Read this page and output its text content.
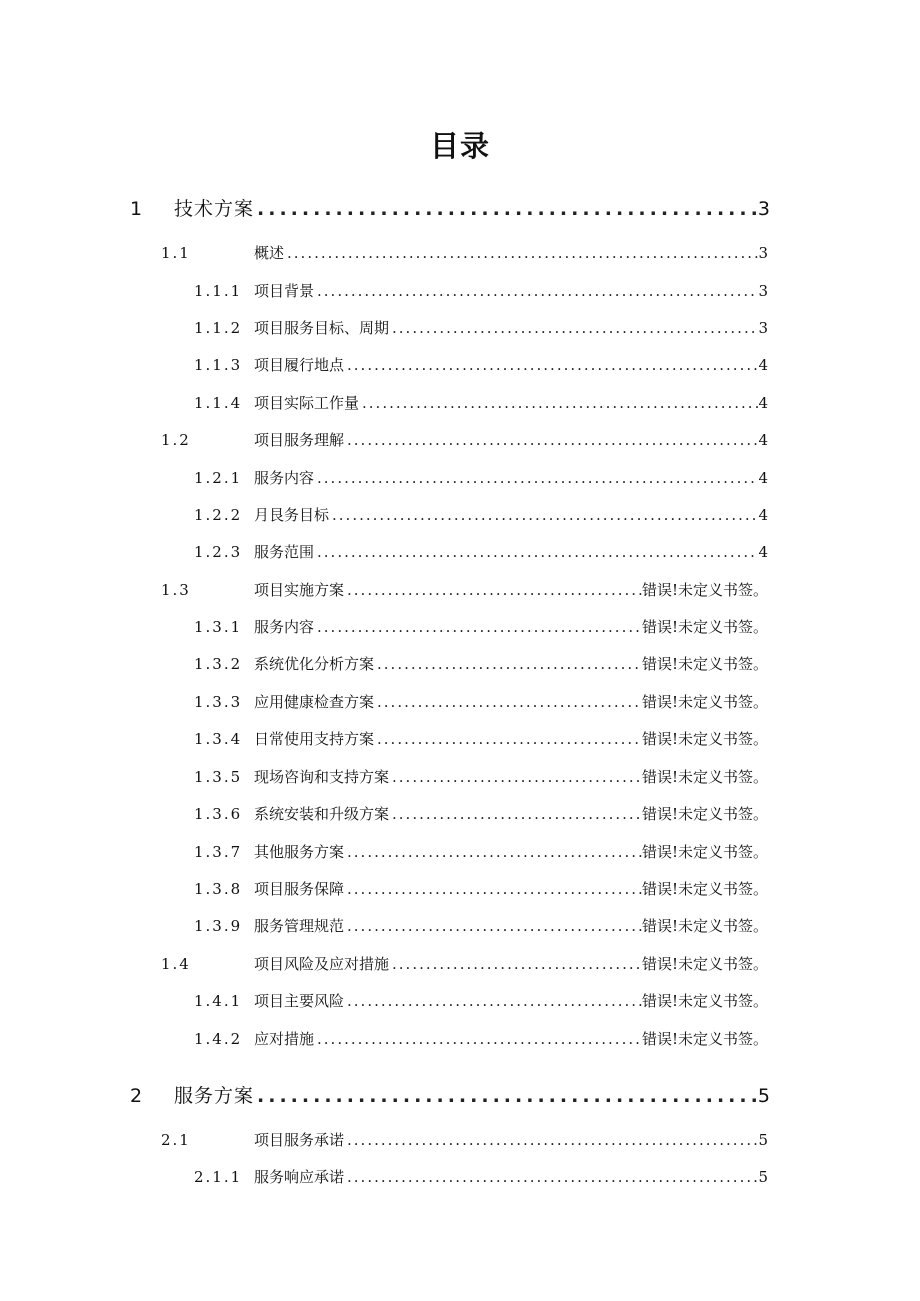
目录
1	技术方案 .....	3
1.1	概述 .....	3
1.1.1 项目背景 .....	3
1.1.2 项目服务目标、周期 .....	3
1.1.3 项目履行地点 .....	4
1.1.4 项目实际工作量 .....	4
1.2	项目服务理解 .....	4
1.2.1 服务内容 .....	4
1.2.2 月艮务目标 .....	4
1.2.3 服务范围 .....	4
1.3	项目实施方案 .....	错误!未定义书签。
1.3.1 服务内容 .....	错误!未定义书签。
1.3.2 系统优化分析方案 .....	错误!未定义书签。
1.3.3 应用健康检查方案 .....	错误!未定义书签。
1.3.4 日常使用支持方案 .....	错误!未定义书签。
1.3.5 现场咨询和支持方案 .....	错误!未定义书签。
1.3.6 系统安装和升级方案 .....	错误!未定义书签。
1.3.7 其他服务方案 .....	错误!未定义书签。
1.3.8 项目服务保障 .....	错误!未定义书签。
1.3.9 服务管理规范 .....	错误!未定义书签。
1.4	项目风险及应对措施 .....	错误!未定义书签。
1.4.1 项目主要风险 .....	错误!未定义书签。
1.4.2 应对措施 .....	错误!未定义书签。
2	服务方案 .....	5
2.1	项目服务承诺 .....	5
2.1.1 服务响应承诺 .....	5
